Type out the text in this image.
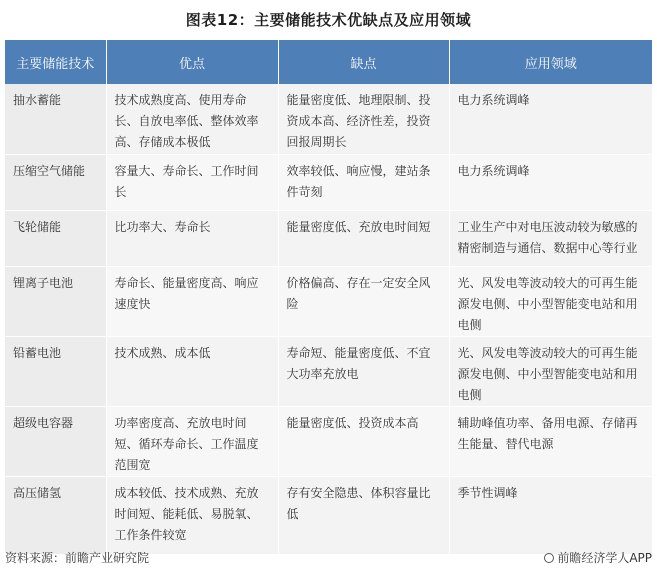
图表12：主要储能技术优缺点及应用领域
主要储能技术	优点	缺点	应用领域
抽水蓄能	技术成熟度高、使用寿命长、自放电率低、整体效率高、存储成本极低	能量密度低、地理限制、投资成本高、经济性差，投资回报周期长	电力系统调峰
压缩空气储能	容量大、寿命长、工作时间长	效率较低、响应慢，建站条件苛刻	电力系统调峰
飞轮储能	比功率大、寿命长	能量密度低、充放电时间短	工业生产中对电压波动较为敏感的精密制造与通信、数据中心等行业
锂离子电池	寿命长、能量密度高、响应速度快	价格偏高、存在一定安全风险	光、风发电等波动较大的可再生能源发电侧、中小型智能变电站和用电侧
铅蓄电池	技术成熟、成本低	寿命短、能量密度低、不宜大功率充放电	光、风发电等波动较大的可再生能源发电侧、中小型智能变电站和用电侧
超级电容器	功率密度高、充放电时间短、循环寿命长、工作温度范围宽	能量密度低、投资成本高	辅助峰值功率、备用电源、存储再生能量、替代电源
高压储氢	成本较低、技术成熟、充放时间短、能耗低、易脱氧、工作条件较宽	存有安全隐患、体积容量比低	季节性调峰
资料来源：前瞻产业研究院	前瞻经济学人APP
